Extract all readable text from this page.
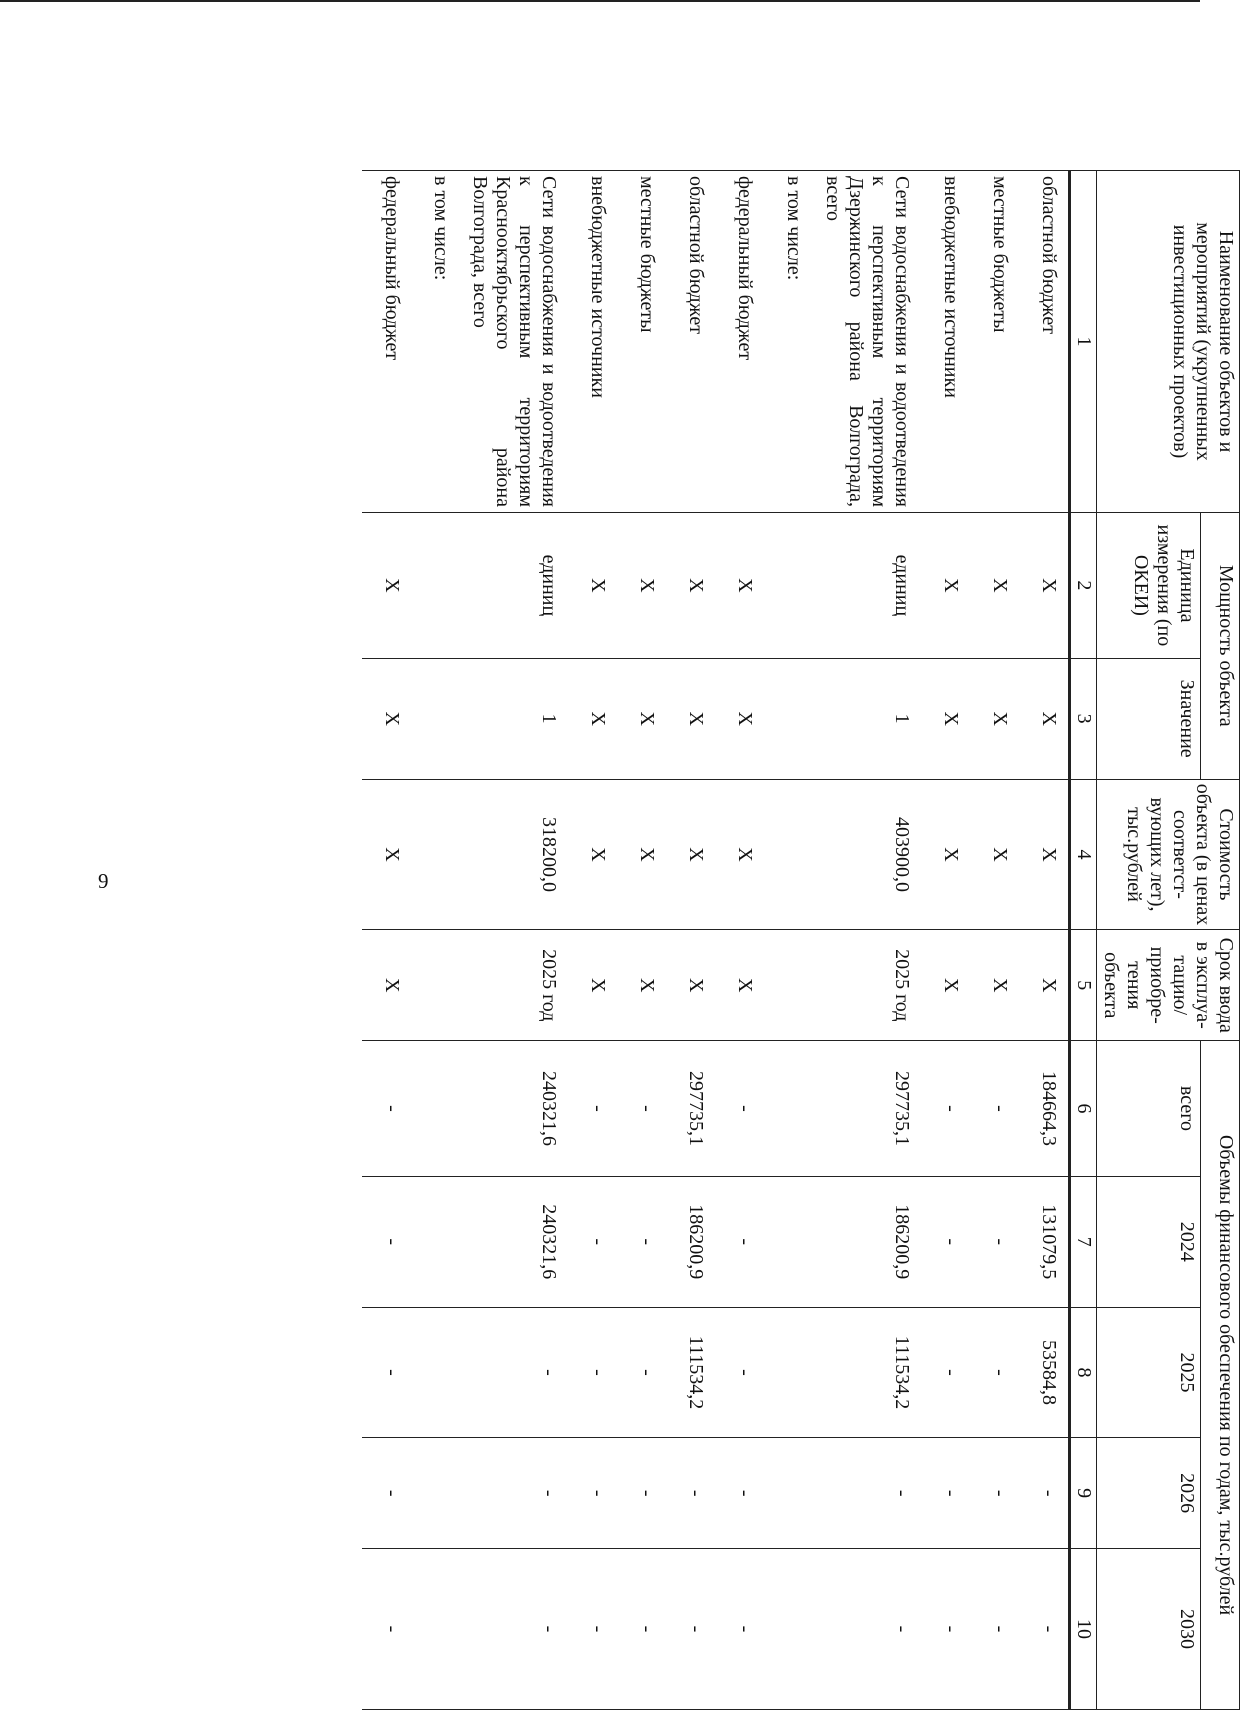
9
Наименование объектов и мероприятий (укрупненных инвестиционных проектов)	Мощность объекта		Стоимость объекта (в ценах соответст-вующих лет), тыс.рублей	Срок ввода в эксплуа-тацию/ приобре-тения объекта	Объемы финансового обеспечения по годам, тыс.рублей				
	Единица измерения (по ОКЕИ)	Значение			всего	2024	2025	2026	2030
1	2	3	4	5	6	7	8	9	10
областной бюджет	X	X	X	X	184664,3	131079,5	53584,8	-	-
местные бюджеты	X	X	X	X	-	-	-	-	-
внебюджетные источники	X	X	X	X	-	-	-	-	-
Сети водоснабжения и водоотведения к перспективным территориям Дзержинского района Волгограда, всего	единиц	1	403900,0	2025 год	297735,1	186200,9	111534,2	-	-
в том числе:									
федеральный бюджет	X	X	X	X	-	-	-	-	-
областной бюджет	X	X	X	X	297735,1	186200,9	111534,2	-	-
местные бюджеты	X	X	X	X	-	-	-	-	-
внебюджетные источники	X	X	X	X	-	-	-	-	-
Сети водоснабжения и водоотведения к перспективным территориям Краснооктябрьского района Волгограда, всего	единиц	1	318200,0	2025 год	240321,6	240321,6	-	-	-
в том числе:									
федеральный бюджет	X	X	X	X	-	-	-	-	-
